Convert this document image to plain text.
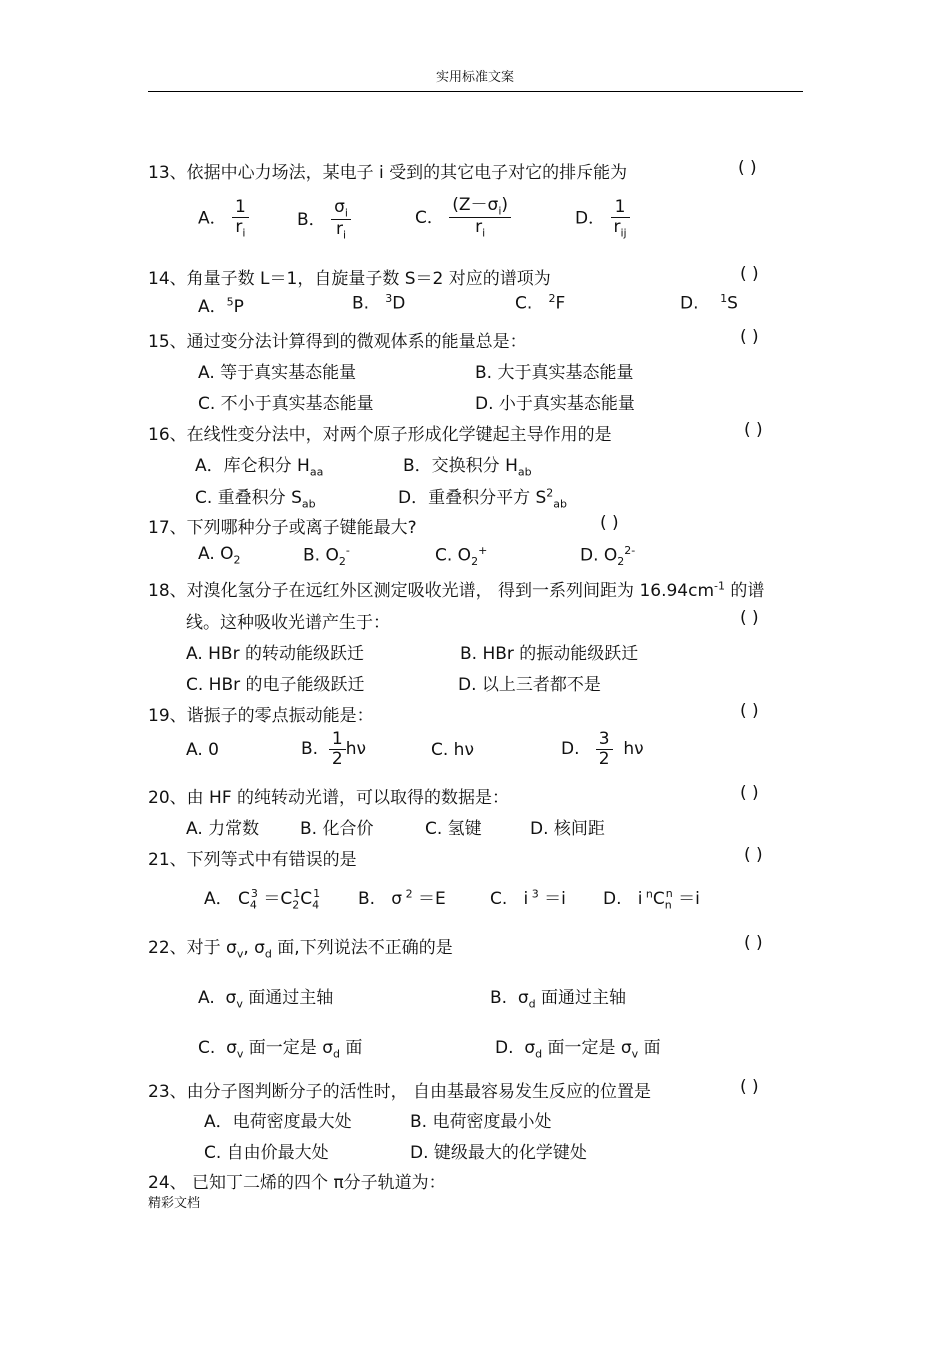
实用标准文案
13、依据中心力场法，某电子 i 受到的其它电子对它的排斥能为	( )
A． $\frac{1}{r_i}$	B． $\frac{\sigma_i}{r_i}$	C． $\frac{(Z-\sigma_i)}{r_i}$	D． $\frac{1}{r_{ij}}$
14、角量子数 L＝1，自旋量子数 S＝2 对应的谱项为	( )
A．$^5$P	B. $^3$D	C. $^2$F	D. $^1$S
15、通过变分法计算得到的微观体系的能量总是：	( )
A. 等于真实基态能量	B. 大于真实基态能量
C. 不小于真实基态能量	D. 小于真实基态能量
16、在线性变分法中，对两个原子形成化学键起主导作用的是	( )
A．库仑积分 $H_{aa}$	B．交换积分 $H_{ab}$
C. 重叠积分 $S_{ab}$	D．重叠积分平方 $S^2_{ab}$
17、下列哪种分子或离子键能最大?	( )
A. $O_2$	B. $O_2^-$	C. $O_2^+$	D. $O_2^{2-}$
18、对溴化氢分子在远红外区测定吸收光谱， 得到一系列间距为 $16.94cm^{-1}$ 的谱
线。这种吸收光谱产生于：	( )
A. HBr 的转动能级跃迁	B. HBr 的振动能级跃迁
C. HBr 的电子能级跃迁	D. 以上三者都不是
19、谐振子的零点振动能是：	( )
A. 0	B. $\frac{1}{2}$ hν	C. hν	D. $\frac{3}{2}$ hν
20、由 HF 的纯转动光谱，可以取得的数据是：	( )
A. 力常数 B. 化合价	C. 氢键	D. 核间距
21、下列等式中有错误的是	( )
A． $C_4^3 =C_2^1C_4^1$ B.   σ $^2$ ＝E	C.   i $^3$ ＝i D.   i $^nC_n^n =i$
22、对于 $\sigma_v$, $\sigma_d$ 面,下列说法不正确的是	( )
A. $\sigma_v$ 面通过主轴	B. $\sigma_d$ 面通过主轴
C. $\sigma_v$ 面一定是 $\sigma_d$ 面	D. $\sigma_d$ 面一定是 $\sigma_v$ 面
23、由分子图判断分子的活性时， 自由基最容易发生反应的位置是	( )
A．电荷密度最大处	B. 电荷密度最小处
C. 自由价最大处	D. 键级最大的化学键处
24、 已知丁二烯的四个 π分子轨道为：
精彩文档
